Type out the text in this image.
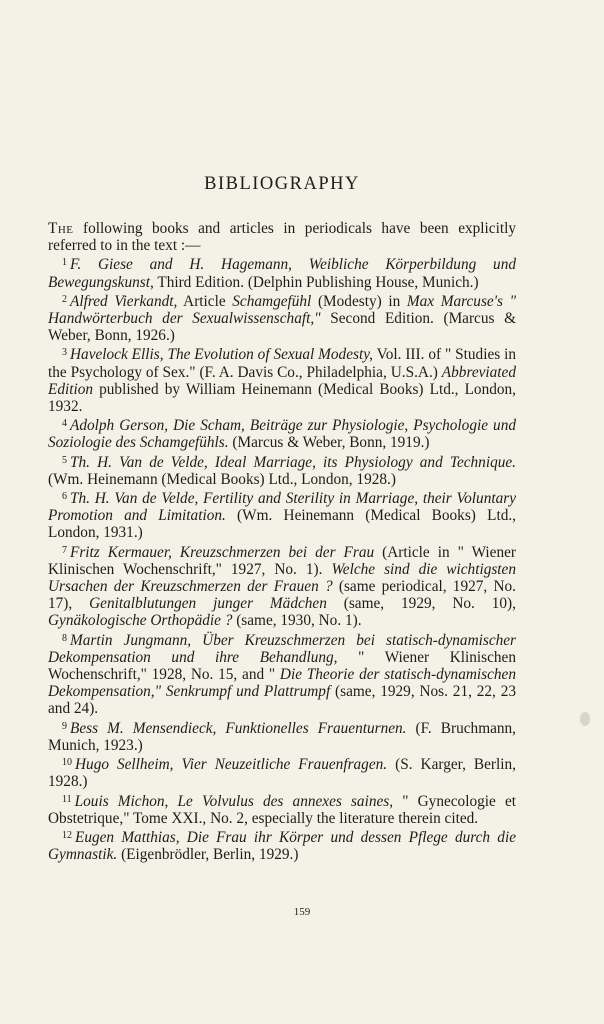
BIBLIOGRAPHY

The following books and articles in periodicals have been explicitly referred to in the text :—

$^1$ F. Giese and H. Hagemann, Weibliche Körperbildung und Bewegungskunst, Third Edition. (Delphin Publishing House, Munich.)

$^2$ Alfred Vierkandt, Article Schamgefühl (Modesty) in Max Marcuse's " Handwörterbuch der Sexualwissenschaft," Second Edition. (Marcus & Weber, Bonn, 1926.)

$^3$ Havelock Ellis, The Evolution of Sexual Modesty, Vol. III. of " Studies in the Psychology of Sex." (F. A. Davis Co., Philadelphia, U.S.A.) Abbreviated Edition published by William Heinemann (Medical Books) Ltd., London, 1932.

$^4$ Adolph Gerson, Die Scham, Beiträge zur Physiologie, Psychologie und Soziologie des Schamgefühls. (Marcus & Weber, Bonn, 1919.)

$^5$ Th. H. Van de Velde, Ideal Marriage, its Physiology and Technique. (Wm. Heinemann (Medical Books) Ltd., London, 1928.)

$^6$ Th. H. Van de Velde, Fertility and Sterility in Marriage, their Voluntary Promotion and Limitation. (Wm. Heinemann (Medical Books) Ltd., London, 1931.)

$^7$ Fritz Kermauer, Kreuzschmerzen bei der Frau (Article in " Wiener Klinischen Wochenschrift," 1927, No. 1). Welche sind die wichtigsten Ursachen der Kreuzschmerzen der Frauen ? (same periodical, 1927, No. 17), Genitalblutungen junger Mädchen (same, 1929, No. 10), Gynäkologische Orthopädie ? (same, 1930, No. 1).

$^8$ Martin Jungmann, Über Kreuzschmerzen bei statisch-dynamischer Dekompensation und ihre Behandlung, " Wiener Klinischen Wochenschrift," 1928, No. 15, and " Die Theorie der statisch-dynamischen Dekompensation," Senkrumpf und Plattrumpf (same, 1929, Nos. 21, 22, 23 and 24).

$^9$ Bess M. Mensendieck, Funktionelles Frauenturnen. (F. Bruchmann, Munich, 1923.)

$^{10}$ Hugo Sellheim, Vier Neuzeitliche Frauenfragen. (S. Karger, Berlin, 1928.)

$^{11}$ Louis Michon, Le Volvulus des annexes saines, " Gynecologie et Obstetrique," Tome XXI., No. 2, especially the literature therein cited.

$^{12}$ Eugen Matthias, Die Frau ihr Körper und dessen Pflege durch die Gymnastik. (Eigenbrödler, Berlin, 1929.)

159
